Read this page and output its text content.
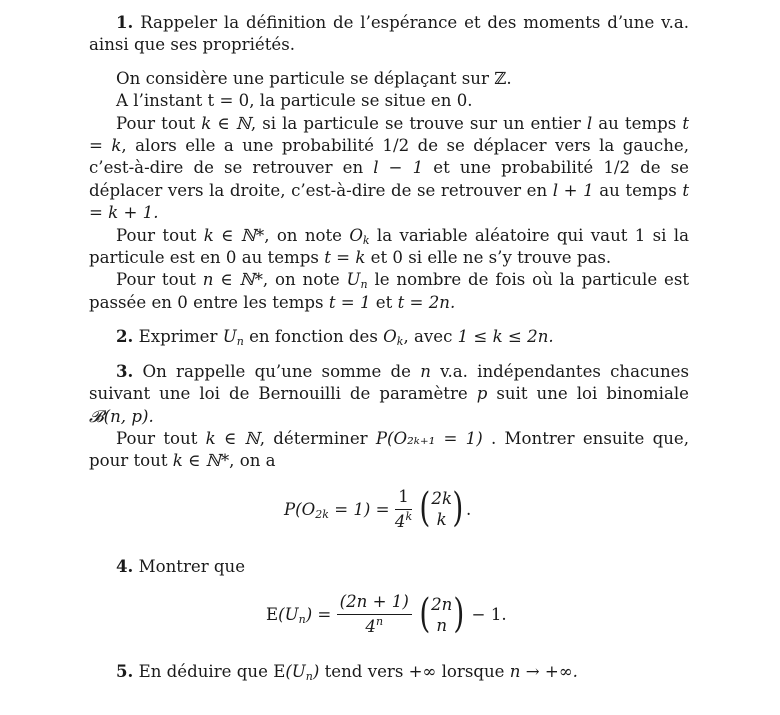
1. Rappeler la définition de l’espérance et des moments d’une v.a. ainsi que ses propriétés.

On considère une particule se déplaçant sur ℤ.

A l’instant t = 0, la particule se situe en 0.

Pour tout k ∈ ℕ, si la particule se trouve sur un entier l au temps t = k, alors elle a une probabilité 1/2 de se déplacer vers la gauche, c’est-à-dire de se retrouver en l − 1 et une probabilité 1/2 de se déplacer vers la droite, c’est-à-dire de se retrouver en l + 1 au temps t = k + 1.

Pour tout k ∈ ℕ*, on note $O_k$ la variable aléatoire qui vaut 1 si la particule est en 0 au temps t = k et 0 si elle ne s’y trouve pas.

Pour tout n ∈ ℕ*, on note $U_n$ le nombre de fois où la particule est passée en 0 entre les temps t = 1 et t = 2n.

2. Exprimer $U_n$ en fonction des $O_k$, avec 1 ≤ k ≤ 2n.

3. On rappelle qu’une somme de n v.a. indépendantes chacunes suivant une loi de Bernouilli de paramètre p suit une loi binomiale 𝓑(n, p).

Pour tout k ∈ ℕ, déterminer P(O₂ₖ₊₁ = 1) . Montrer ensuite que, pour tout k ∈ ℕ*, on a

$P(O_{2k} = 1) = \frac{1}{4^k}$
( 2k
k ) .

4. Montrer que

$E(U_n) = \frac{(2n + 1)}{4^n}$
( 2n
n ) − 1.

5. En déduire que $E(U_n)$ tend vers +∞ lorsque n → +∞.
